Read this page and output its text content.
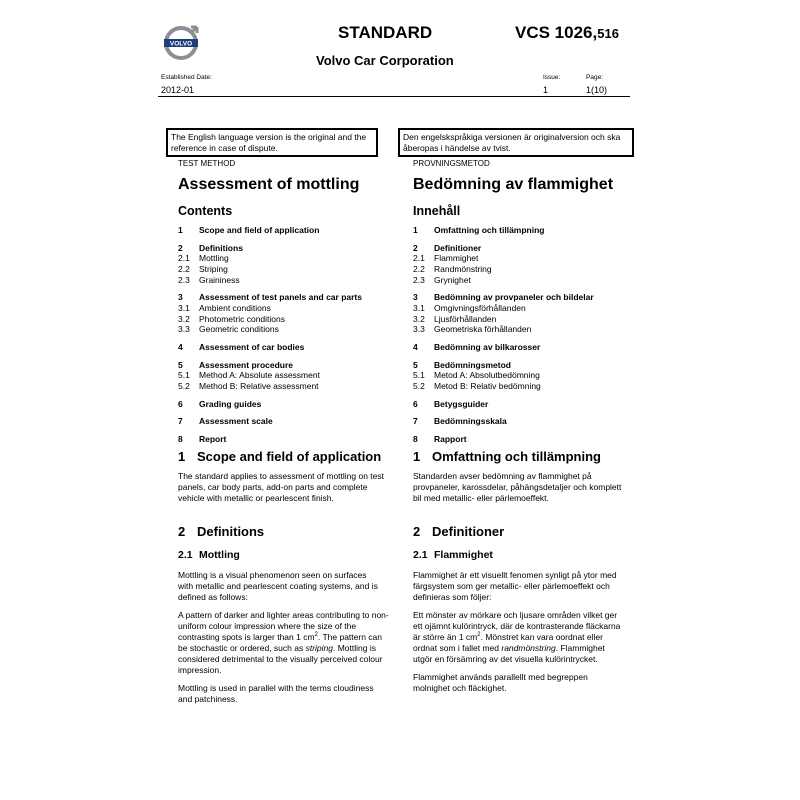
VOLVO
STANDARD	VCS 1026,516
Volvo Car Corporation
Established Date:
2012-01
Issue:
1
Page:
1(10)
The English language version is the original and the reference in case of dispute.
Den engelskspråkiga versionen är originalversion och ska åberopas i händelse av tvist.
TEST METHOD
Assessment of mottling
Contents
1	Scope and field of application
2	Definitions
2.1	Mottling
2.2	Striping
2.3	Graininess
3	Assessment of test panels and car parts
3.1	Ambient conditions
3.2	Photometric conditions
3.3	Geometric conditions
4	Assessment of car bodies
5	Assessment procedure
5.1	Method A: Absolute assessment
5.2	Method B: Relative assessment
6	Grading guides
7	Assessment scale
8	Report
1 Scope and field of application

The standard applies to assessment of mottling on test panels, car body parts, add-on parts and complete vehicle with metallic or pearlescent finish.

2 Definitions
2.1 Mottling

Mottling is a visual phenomenon seen on surfaces with metallic and pearlescent coating systems, and is defined as follows:

A pattern of darker and lighter areas contributing to non-uniform colour impression where the size of the contrasting spots is larger than 1 $cm^2$. The pattern can be stochastic or ordered, such as striping. Mottling is considered detrimental to the visually perceived colour impression.

Mottling is used in parallel with the terms cloudiness and patchiness.

PROVNINGSMETOD
Bedömning av flammighet
Innehåll
1	Omfattning och tillämpning
2	Definitioner
2.1	Flammighet
2.2	Randmönstring
2.3	Grynighet
3	Bedömning av provpaneler och bildelar
3.1	Omgivningsförhållanden
3.2	Ljusförhållanden
3.3	Geometriska förhållanden
4	Bedömning av bilkarosser
5	Bedömningsmetod
5.1	Metod A: Absolutbedömning
5.2	Metod B: Relativ bedömning
6	Betygsguider
7	Bedömningsskala
8	Rapport
1 Omfattning och tillämpning

Standarden avser bedömning av flammighet på provpaneler, karossdelar, påhängsdetaljer och komplett bil med metallic- eller pärlemoeffekt.

2 Definitioner
2.1 Flammighet

Flammighet är ett visuellt fenomen synligt på ytor med färgsystem som ger metallic- eller pärlemoeffekt och definieras som följer:

Ett mönster av mörkare och ljusare områden vilket ger ett ojämnt kulörintryck, där de kontrasterande fläckarna är större än 1 $cm^2$. Mönstret kan vara oordnat eller ordnat som i fallet med randmönstring. Flammighet utgör en försämring av det visuella kulörintrycket.

Flammighet används parallellt med begreppen molnighet och fläckighet.
